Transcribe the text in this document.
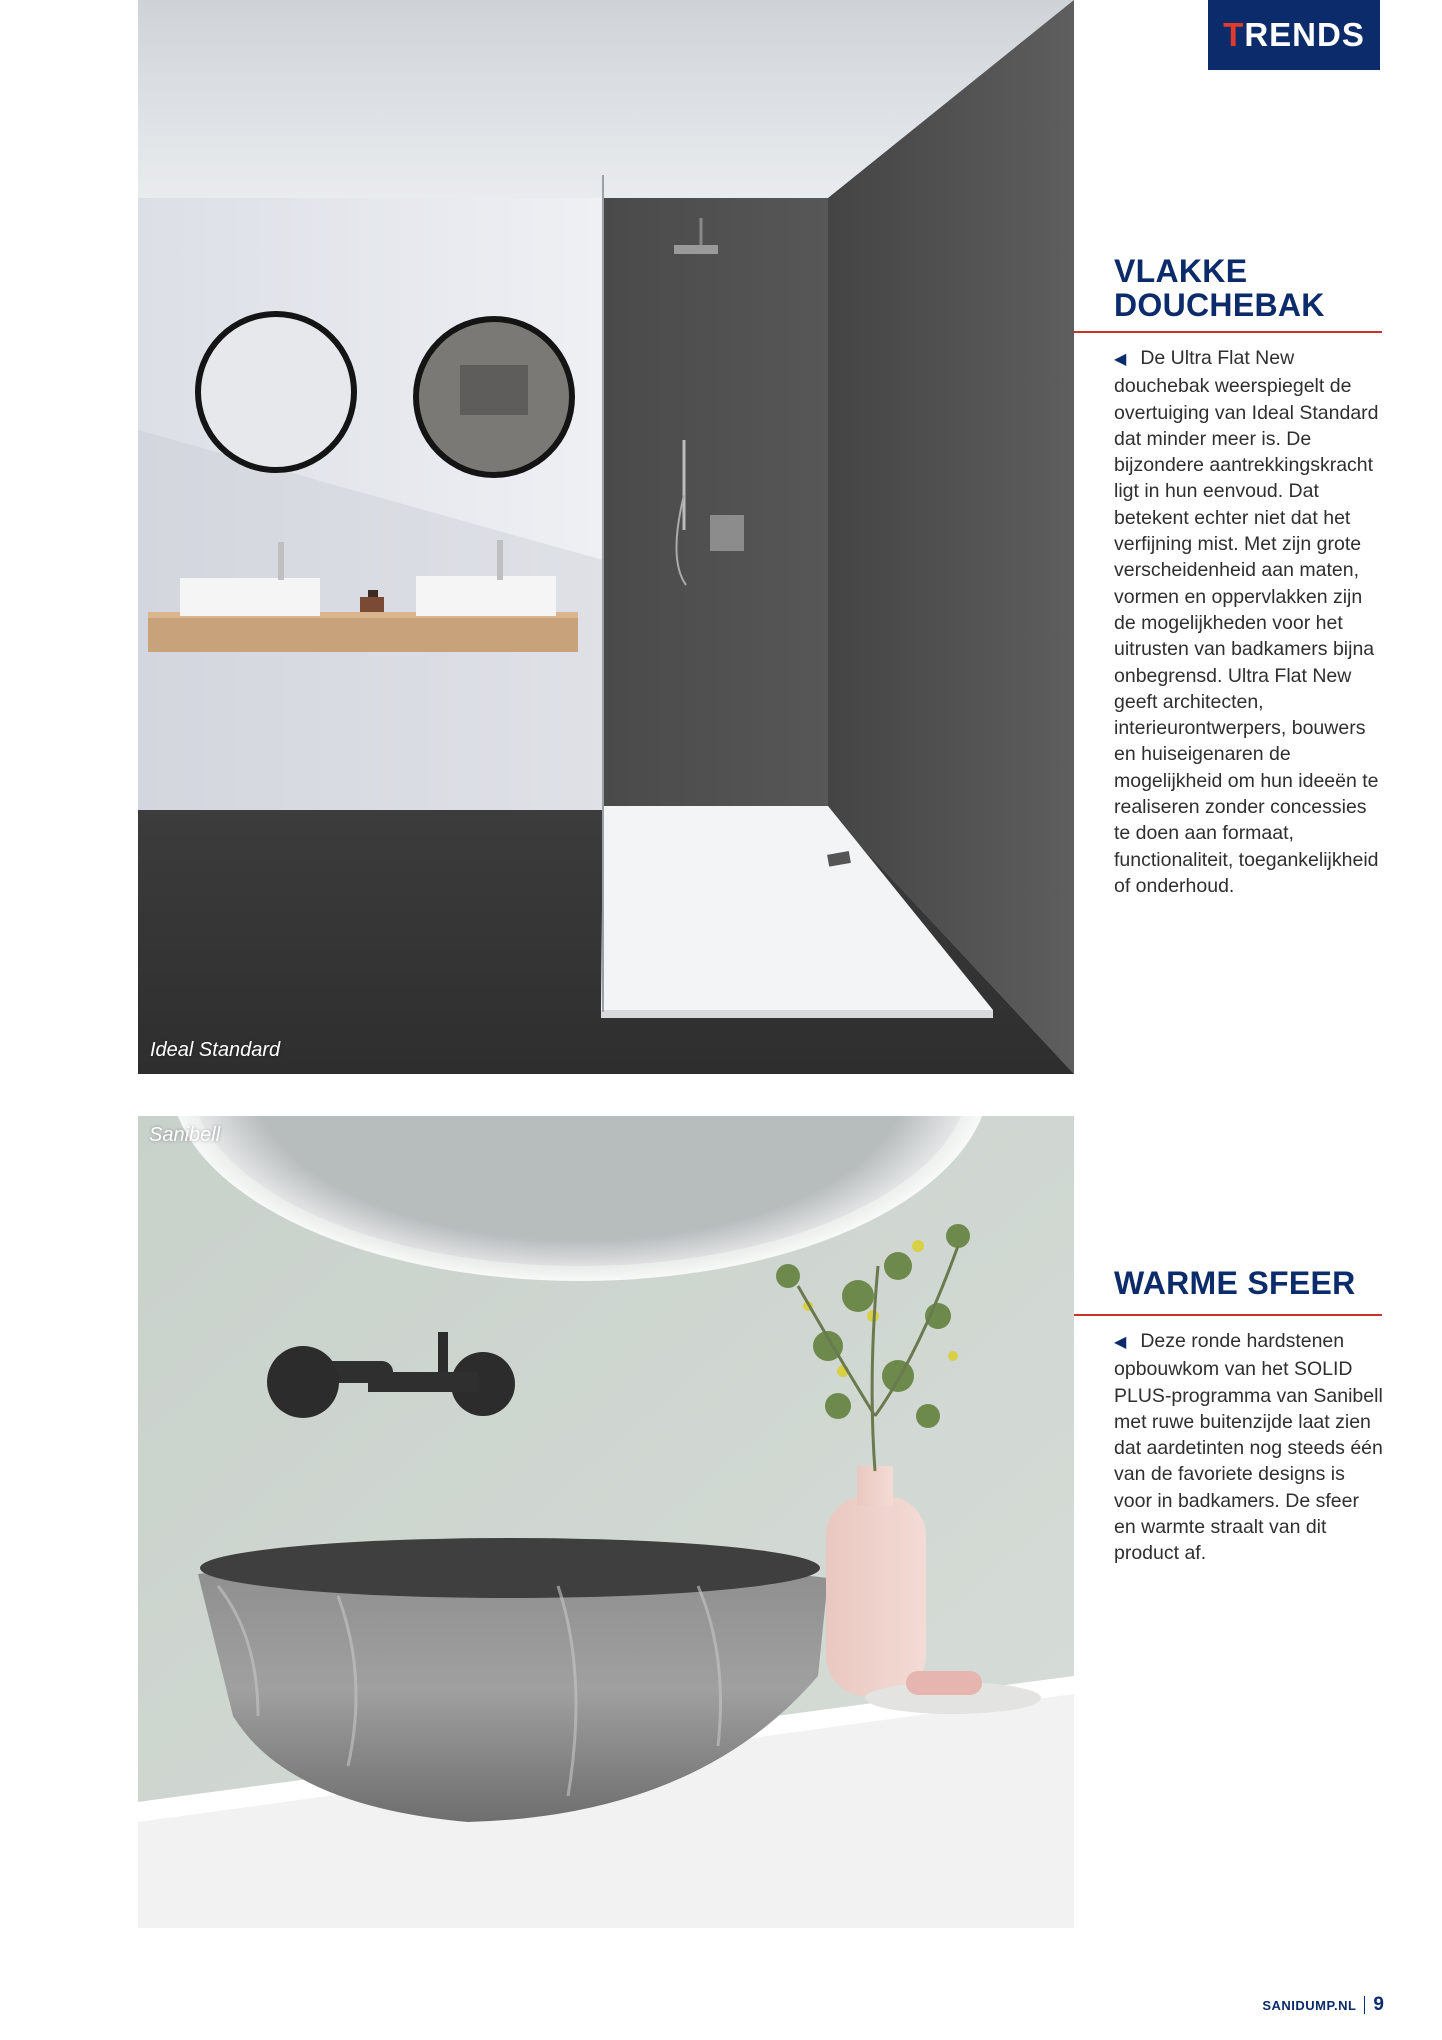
T RENDS
Ideal Standard
VLAKKE
DOUCHEBAK
◀ De Ultra Flat New douchebak weerspiegelt de overtuiging van Ideal Standard dat minder meer is. De bijzondere aantrekkingskracht ligt in hun eenvoud. Dat betekent echter niet dat het verfijning mist. Met zijn grote verscheidenheid aan maten, vormen en oppervlakken zijn de mogelijkheden voor het uitrusten van badkamers bijna onbegrensd. Ultra Flat New geeft architecten, interieurontwerpers, bouwers en huiseigenaren de mogelijkheid om hun ideeën te realiseren zonder concessies te doen aan formaat, functionaliteit, toegankelijkheid of onderhoud.
Sanibell
WARME SFEER
◀ Deze ronde hardstenen opbouwkom van het SOLID PLUS-programma van Sanibell met ruwe buitenzijde laat zien dat aardetinten nog steeds één van de favoriete designs is voor in badkamers. De sfeer en warmte straalt van dit product af.
SANIDUMP.NL 9
